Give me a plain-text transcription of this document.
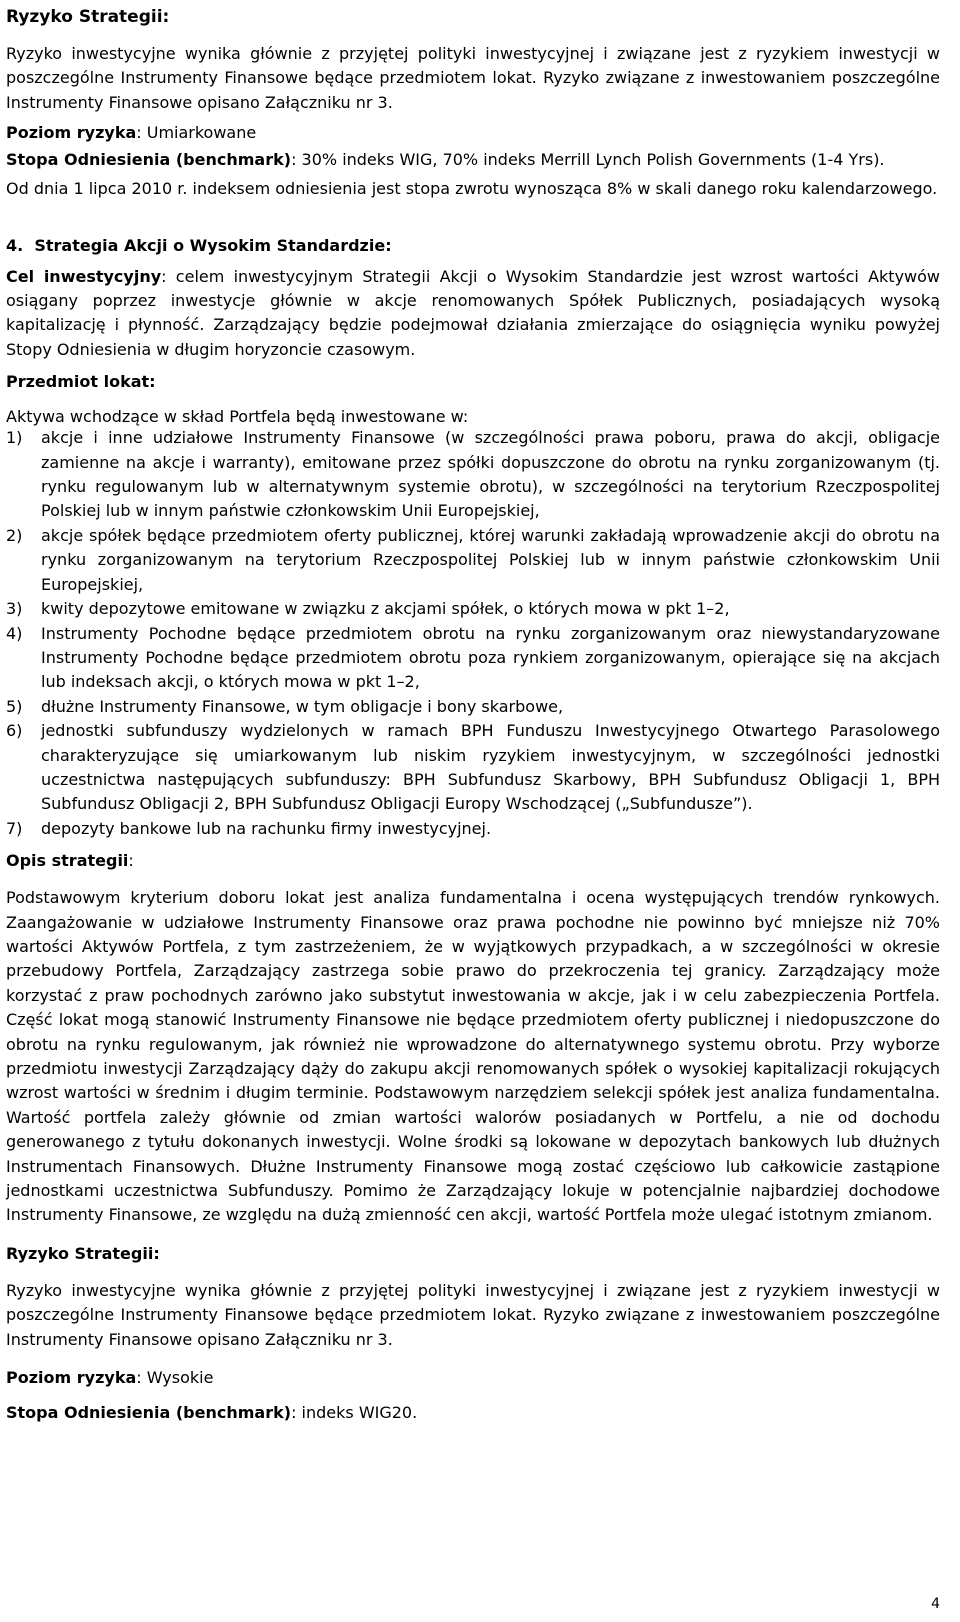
Ryzyko Strategii:

Ryzyko inwestycyjne wynika głównie z przyjętej polityki inwestycyjnej i związane jest z ryzykiem inwestycji w poszczególne Instrumenty Finansowe będące przedmiotem lokat. Ryzyko związane z inwestowaniem poszczególne Instrumenty Finansowe opisano Załączniku nr 3.

Poziom ryzyka: Umiarkowane

Stopa Odniesienia (benchmark): 30% indeks WIG, 70% indeks Merrill Lynch Polish Governments (1-4 Yrs).

Od dnia 1 lipca 2010 r. indeksem odniesienia jest stopa zwrotu wynosząca 8% w skali danego roku kalendarzowego.

4. Strategia Akcji o Wysokim Standardzie:

Cel inwestycyjny: celem inwestycyjnym Strategii Akcji o Wysokim Standardzie jest wzrost wartości Aktywów osiągany poprzez inwestycje głównie w akcje renomowanych Spółek Publicznych, posiadających wysoką kapitalizację i płynność. Zarządzający będzie podejmował działania zmierzające do osiągnięcia wyniku powyżej Stopy Odniesienia w długim horyzoncie czasowym.

Przedmiot lokat:

Aktywa wchodzące w skład Portfela będą inwestowane w:

1) akcje i inne udziałowe Instrumenty Finansowe (w szczególności prawa poboru, prawa do akcji, obligacje zamienne na akcje i warranty), emitowane przez spółki dopuszczone do obrotu na rynku zorganizowanym (tj. rynku regulowanym lub w alternatywnym systemie obrotu), w szczególności na terytorium Rzeczpospolitej Polskiej lub w innym państwie członkowskim Unii Europejskiej,
2) akcje spółek będące przedmiotem oferty publicznej, której warunki zakładają wprowadzenie akcji do obrotu na rynku zorganizowanym na terytorium Rzeczpospolitej Polskiej lub w innym państwie członkowskim Unii Europejskiej,
3) kwity depozytowe emitowane w związku z akcjami spółek, o których mowa w pkt 1–2,
4) Instrumenty Pochodne będące przedmiotem obrotu na rynku zorganizowanym oraz niewystandaryzowane Instrumenty Pochodne będące przedmiotem obrotu poza rynkiem zorganizowanym, opierające się na akcjach lub indeksach akcji, o których mowa w pkt 1–2,
5) dłużne Instrumenty Finansowe, w tym obligacje i bony skarbowe,
6) jednostki subfunduszy wydzielonych w ramach BPH Funduszu Inwestycyjnego Otwartego Parasolowego charakteryzujące się umiarkowanym lub niskim ryzykiem inwestycyjnym, w szczególności jednostki uczestnictwa następujących subfunduszy: BPH Subfundusz Skarbowy, BPH Subfundusz Obligacji 1, BPH Subfundusz Obligacji 2, BPH Subfundusz Obligacji Europy Wschodzącej („Subfundusze”).
7) depozyty bankowe lub na rachunku firmy inwestycyjnej.

Opis strategii:

Podstawowym kryterium doboru lokat jest analiza fundamentalna i ocena występujących trendów rynkowych. Zaangażowanie w udziałowe Instrumenty Finansowe oraz prawa pochodne nie powinno być mniejsze niż 70% wartości Aktywów Portfela, z tym zastrzeżeniem, że w wyjątkowych przypadkach, a w szczególności w okresie przebudowy Portfela, Zarządzający zastrzega sobie prawo do przekroczenia tej granicy. Zarządzający może korzystać z praw pochodnych zarówno jako substytut inwestowania w akcje, jak i w celu zabezpieczenia Portfela. Część lokat mogą stanowić Instrumenty Finansowe nie będące przedmiotem oferty publicznej i niedopuszczone do obrotu na rynku regulowanym, jak również nie wprowadzone do alternatywnego systemu obrotu. Przy wyborze przedmiotu inwestycji Zarządzający dąży do zakupu akcji renomowanych spółek o wysokiej kapitalizacji rokujących wzrost wartości w średnim i długim terminie. Podstawowym narzędziem selekcji spółek jest analiza fundamentalna. Wartość portfela zależy głównie od zmian wartości walorów posiadanych w Portfelu, a nie od dochodu generowanego z tytułu dokonanych inwestycji. Wolne środki są lokowane w depozytach bankowych lub dłużnych Instrumentach Finansowych. Dłużne Instrumenty Finansowe mogą zostać częściowo lub całkowicie zastąpione jednostkami uczestnictwa Subfunduszy. Pomimo że Zarządzający lokuje w potencjalnie najbardziej dochodowe Instrumenty Finansowe, ze względu na dużą zmienność cen akcji, wartość Portfela może ulegać istotnym zmianom.

Ryzyko Strategii:

Ryzyko inwestycyjne wynika głównie z przyjętej polityki inwestycyjnej i związane jest z ryzykiem inwestycji w poszczególne Instrumenty Finansowe będące przedmiotem lokat. Ryzyko związane z inwestowaniem poszczególne Instrumenty Finansowe opisano Załączniku nr 3.

Poziom ryzyka: Wysokie

Stopa Odniesienia (benchmark): indeks WIG20.

4
